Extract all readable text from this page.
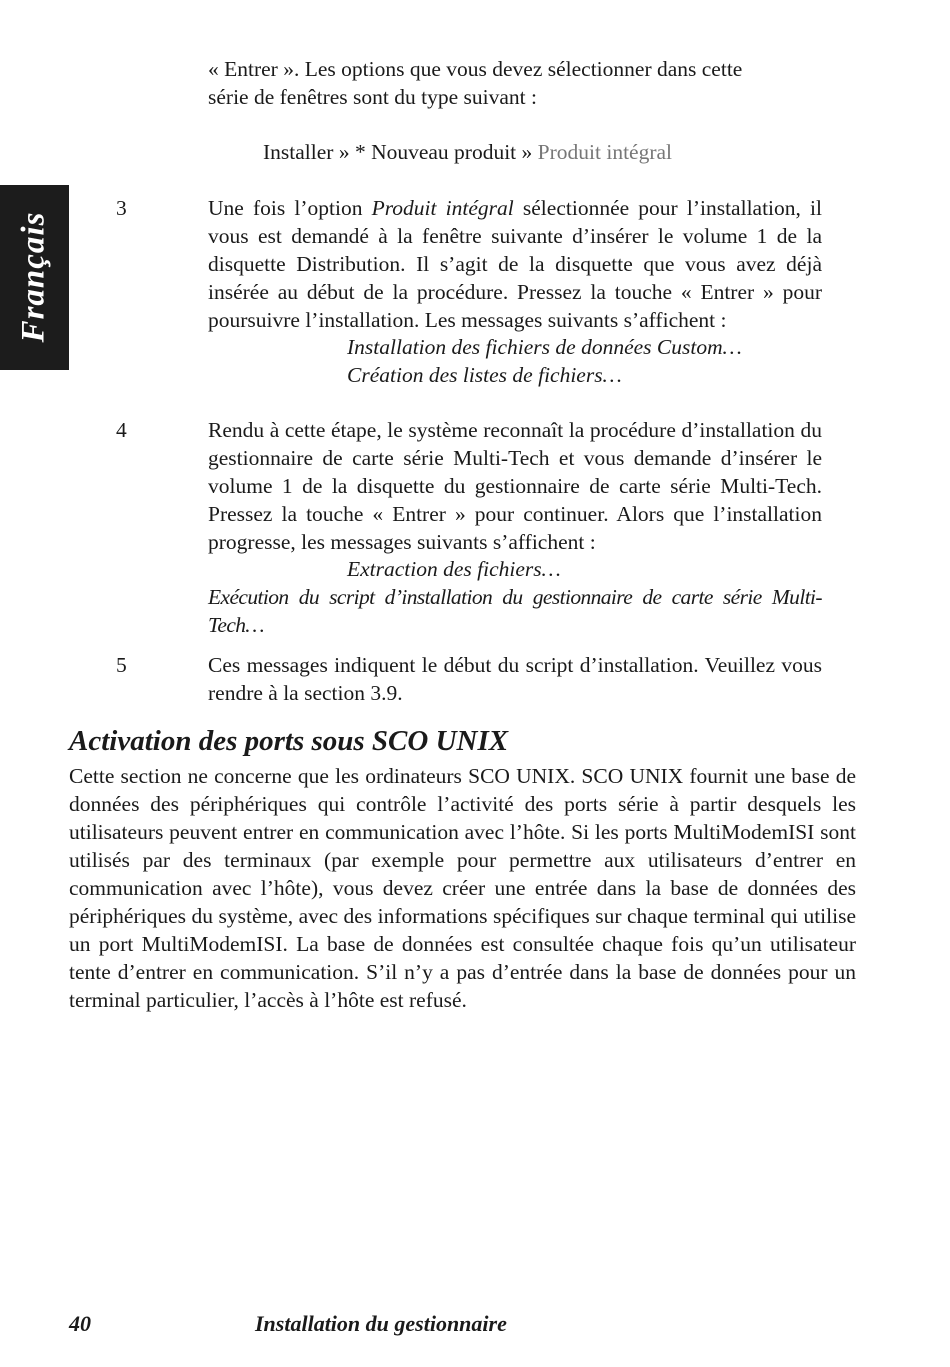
Français
« Entrer ». Les options que vous devez sélectionner dans cette
série de fenêtres sont du type suivant :
Installer » * Nouveau produit » Produit intégral
3	Une fois l’option Produit intégral sélectionnée pour l’installation, il vous est demandé à la fenêtre suivante d’insérer le volume 1 de la disquette Distribution. Il s’agit de la disquette que vous avez déjà insérée au début de la procédure. Pressez la touche « Entrer » pour poursuivre l’installation. Les messages suivants s’affichent :

Installation des fichiers de données Custom…
Création des listes de fichiers…
4	Rendu à cette étape, le système reconnaît la procédure d’installation du gestionnaire de carte série Multi-Tech et vous demande d’insérer le volume 1 de la disquette du gestionnaire de carte série Multi-Tech. Pressez la touche « Entrer » pour continuer. Alors que l’installation progresse, les messages suivants s’affichent :

Extraction des fichiers…

Exécution du script d’installation du gestionnaire de carte série Multi-Tech…

5	Ces messages indiquent le début du script d’installation. Veuillez vous rendre à la section 3.9.

Activation des ports sous SCO UNIX

Cette section ne concerne que les ordinateurs SCO UNIX. SCO UNIX fournit une base de données des périphériques qui contrôle l’activité des ports série à partir desquels les utilisateurs peuvent entrer en communication avec l’hôte. Si les ports MultiModemISI sont utilisés par des terminaux (par exemple pour permettre aux utilisateurs d’entrer en communication avec l’hôte), vous devez créer une entrée dans la base de données des périphériques du système, avec des informations spécifiques sur chaque terminal qui utilise un port MultiModemISI. La base de données est consultée chaque fois qu’un utilisateur tente d’entrer en communication. S’il n’y a pas d’entrée dans la base de données pour un terminal particulier, l’accès à l’hôte est refusé.

40	Installation du gestionnaire
